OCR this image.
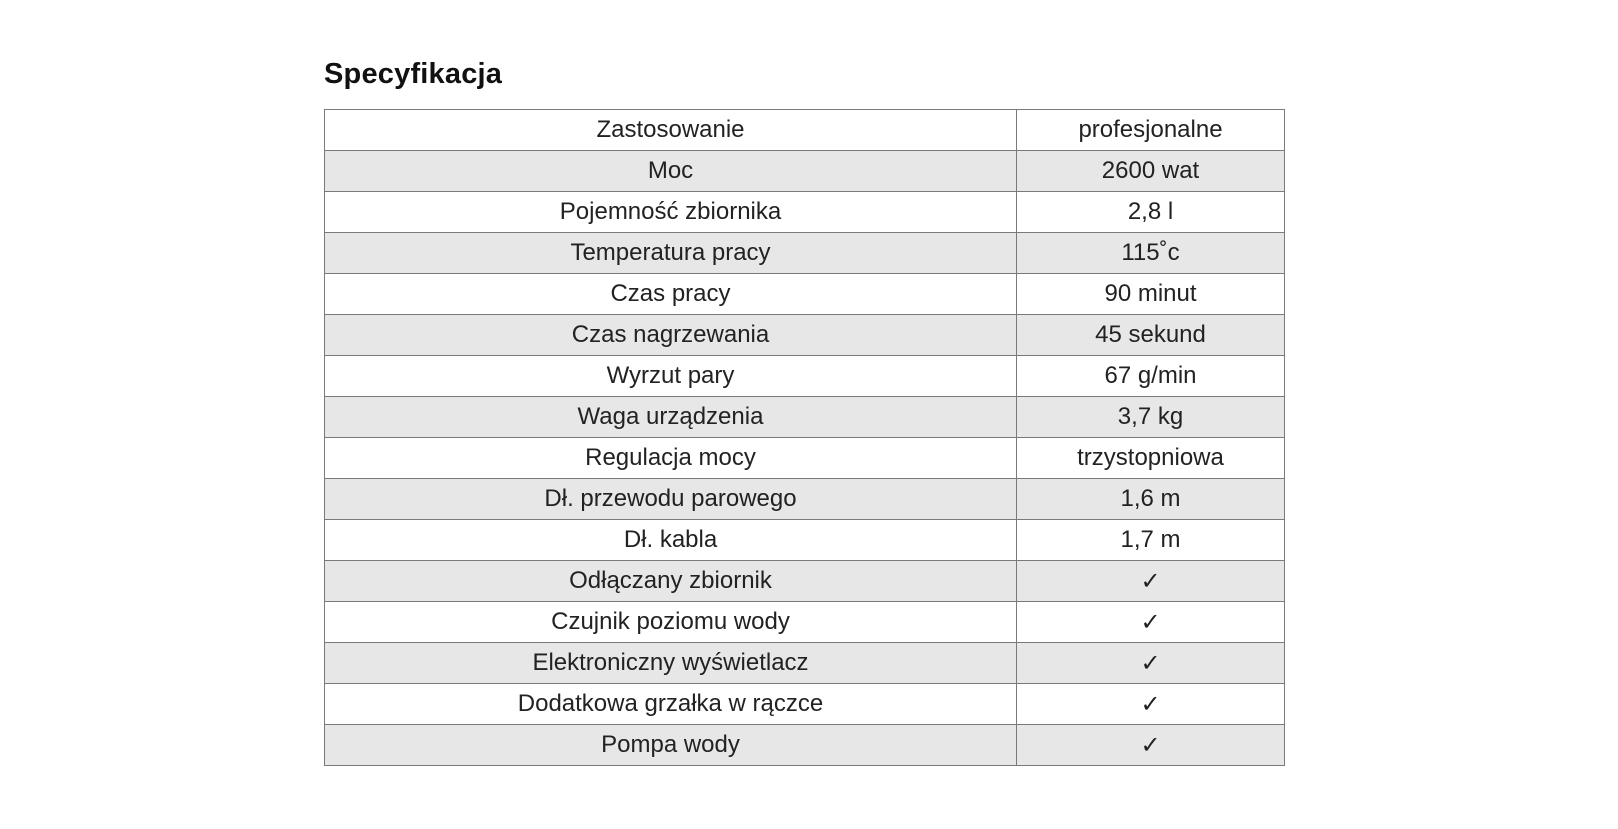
Specyfikacja
Zastosowanie	profesjonalne
Moc	2600 wat
Pojemność zbiornika	2,8 l
Temperatura pracy	115˚c
Czas pracy	90 minut
Czas nagrzewania	45 sekund
Wyrzut pary	67 g/min
Waga urządzenia	3,7 kg
Regulacja mocy	trzystopniowa
Dł. przewodu parowego	1,6 m
Dł. kabla	1,7 m
Odłączany zbiornik	✓
Czujnik poziomu wody	✓
Elektroniczny wyświetlacz	✓
Dodatkowa grzałka w rączce	✓
Pompa wody	✓
